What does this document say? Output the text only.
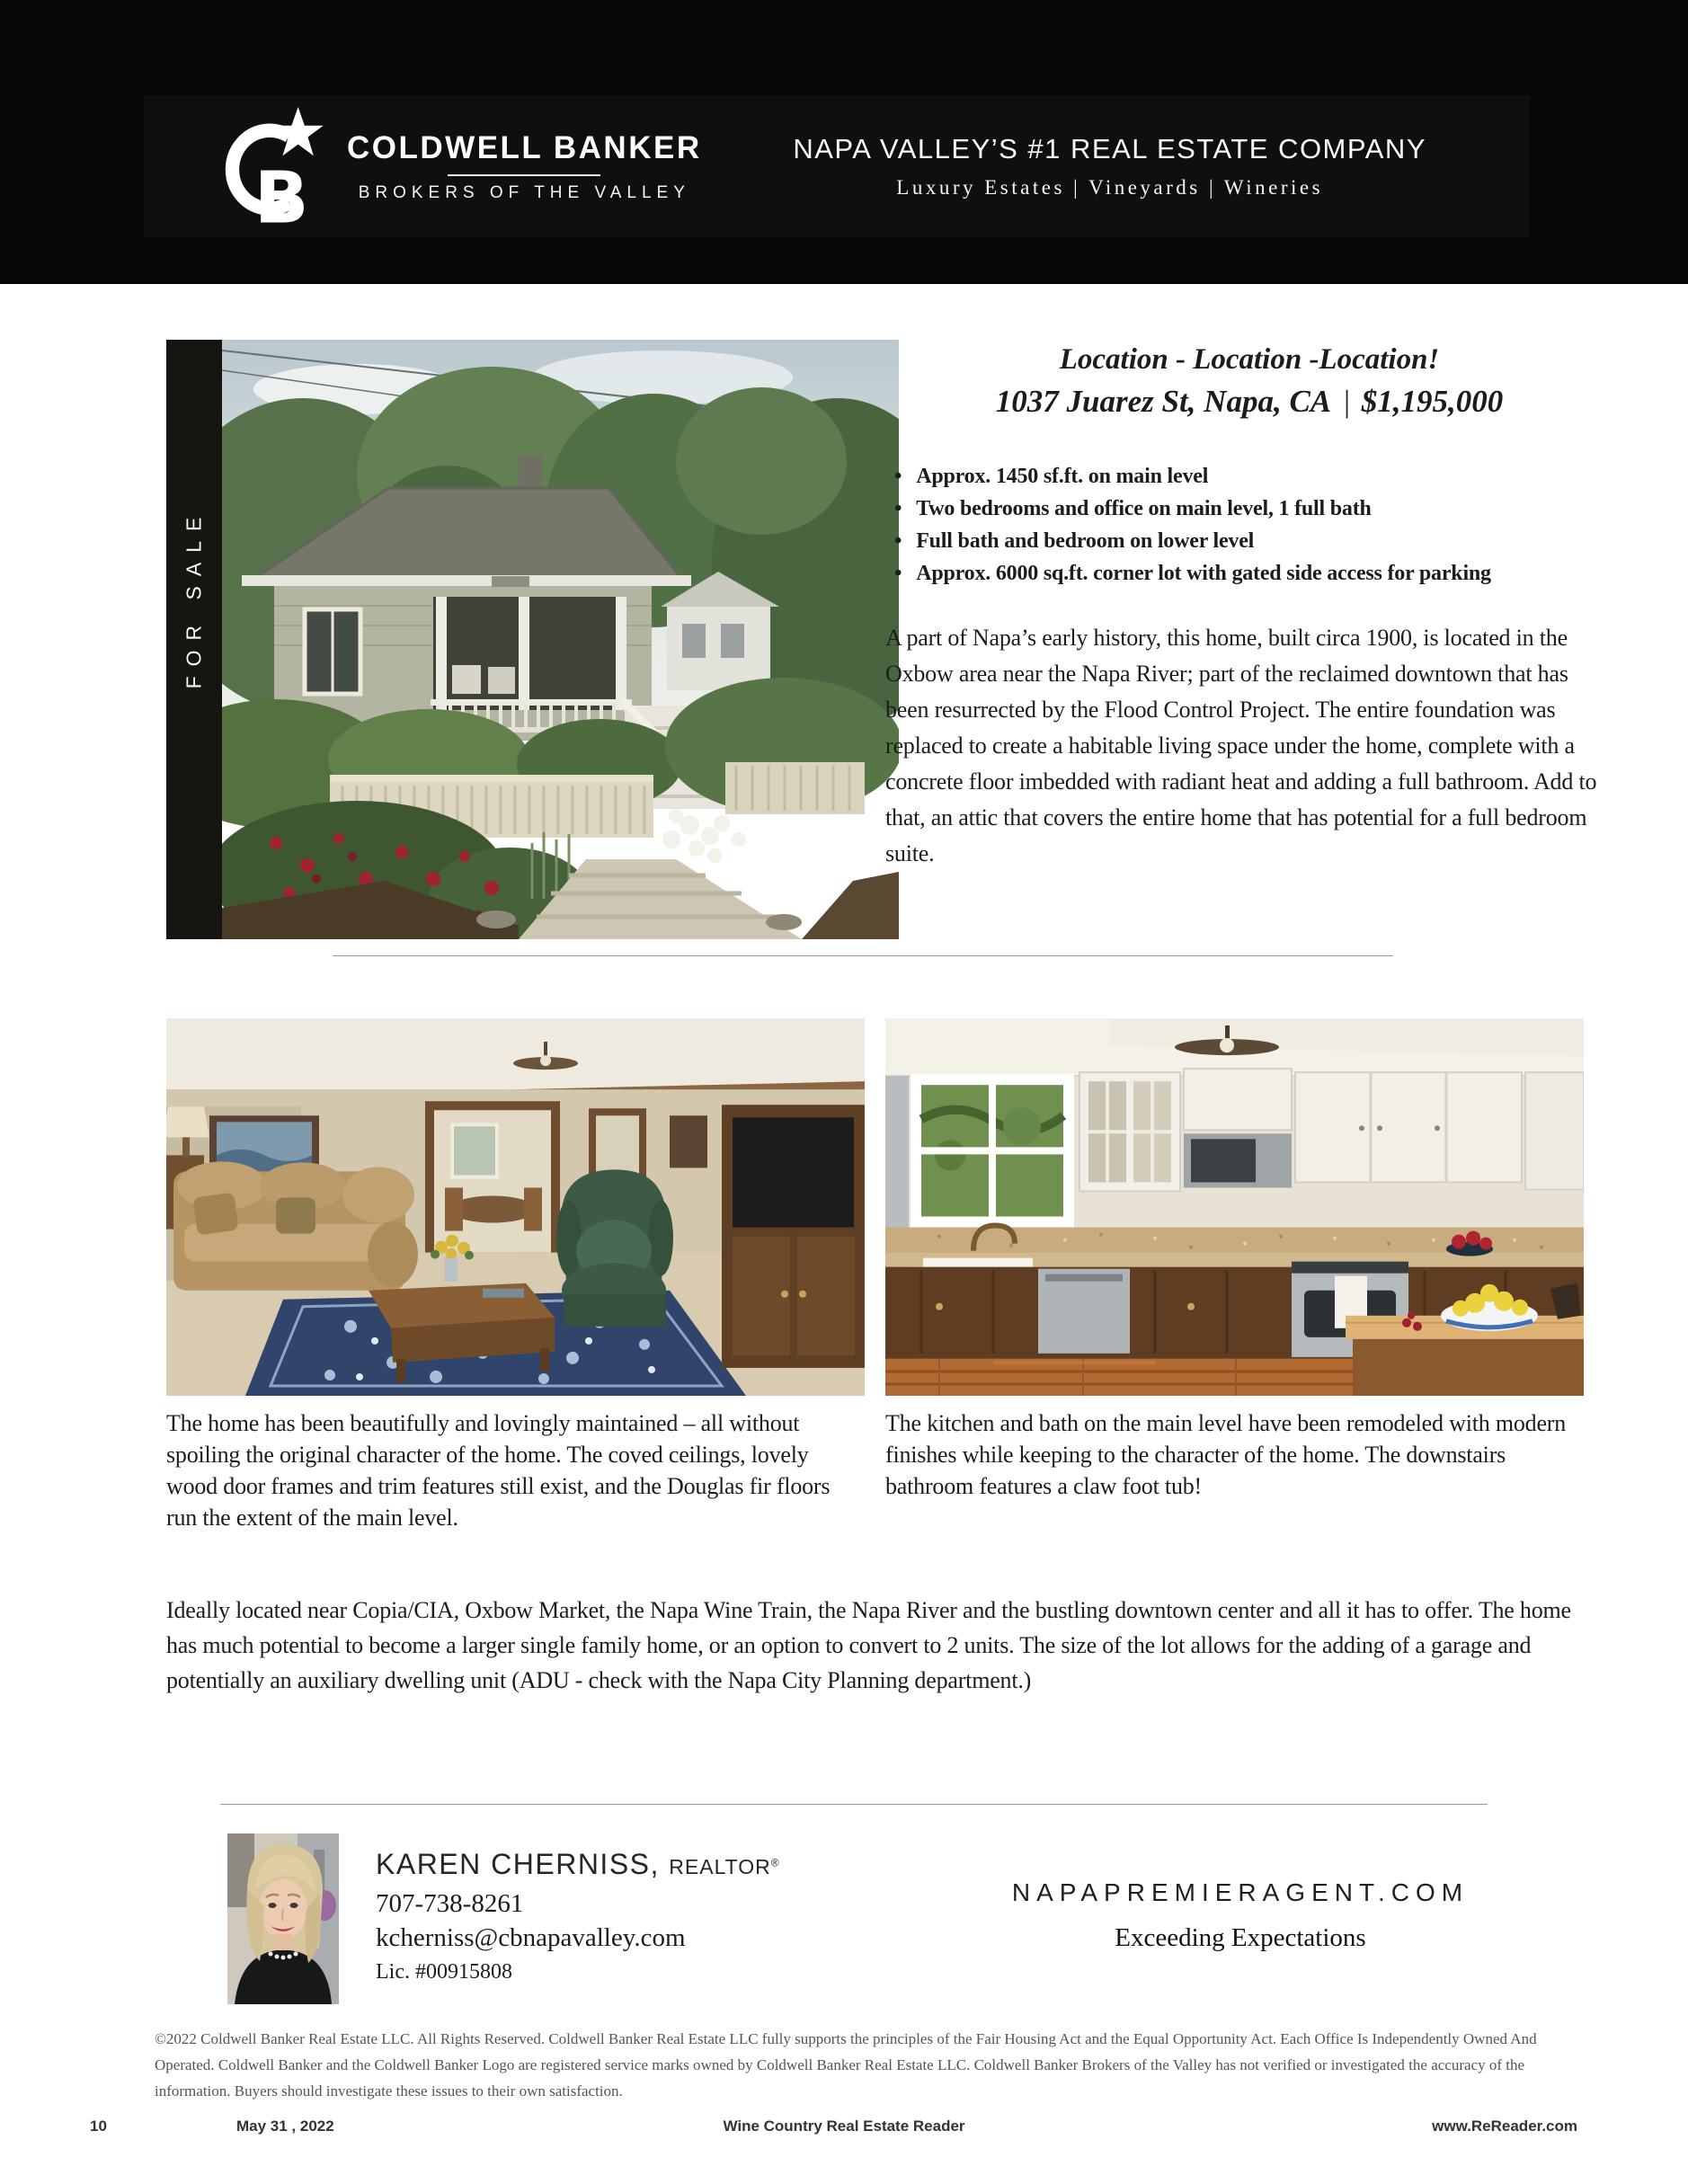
B
COLDWELL BANKER
BROKERS OF THE VALLEY
NAPA VALLEY’S #1 REAL ESTATE COMPANY
Luxury Estates | Vineyards | Wineries
FOR SALE
Location - Location -Location!
1037 Juarez St, Napa, CA | $1,195,000
• Approx. 1450 sf.ft. on main level
• Two bedrooms and office on main level, 1 full bath
• Full bath and bedroom on lower level
• Approx. 6000 sq.ft. corner lot with gated side access for parking

A part of Napa’s early history, this home, built circa 1900, is located in the Oxbow area near the Napa River; part of the reclaimed downtown that has been resurrected by the Flood Control Project. The entire foundation was replaced to create a habitable living space under the home, complete with a concrete floor imbedded with radiant heat and adding a full bathroom. Add to that, an attic that covers the entire home that has potential for a full bedroom suite.

The home has been beautifully and lovingly maintained – all without spoiling the original character of the home. The coved ceilings, lovely wood door frames and trim features still exist, and the Douglas fir floors run the extent of the main level.

The kitchen and bath on the main level have been remodeled with modern finishes while keeping to the character of the home. The downstairs bathroom features a claw foot tub!

Ideally located near Copia/CIA, Oxbow Market, the Napa Wine Train, the Napa River and the bustling downtown center and all it has to offer. The home has much potential to become a larger single family home, or an option to convert to 2 units. The size of the lot allows for the adding of a garage and potentially an auxiliary dwelling unit (ADU - check with the Napa City Planning department.)

KAREN CHERNISS, REALTOR®
707-738-8261
kcherniss@cbnapavalley.com
Lic. #00915808
NAPAPREMIERAGENT.COM
Exceeding Expectations

©2022 Coldwell Banker Real Estate LLC. All Rights Reserved. Coldwell Banker Real Estate LLC fully supports the principles of the Fair Housing Act and the Equal Opportunity Act. Each Office Is Independently Owned And Operated. Coldwell Banker and the Coldwell Banker Logo are registered service marks owned by Coldwell Banker Real Estate LLC. Coldwell Banker Brokers of the Valley has not verified or investigated the accuracy of the information. Buyers should investigate these issues to their own satisfaction.

10	May 31 , 2022	Wine Country Real Estate Reader	www.ReReader.com
